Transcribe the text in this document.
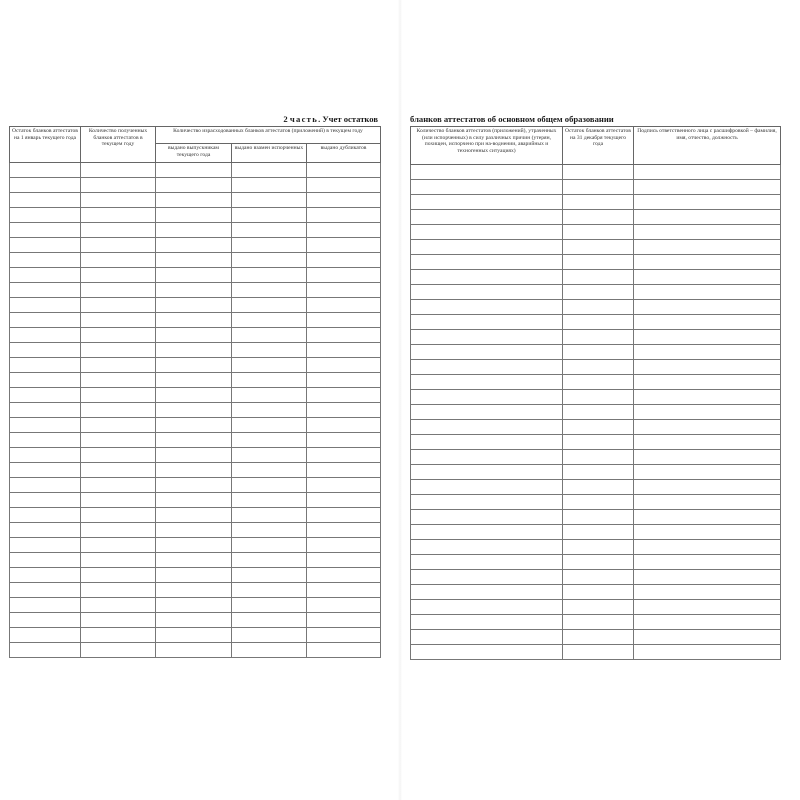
2 часть. Учет остатков
Остаток бланков аттестатов на 1 январь текущего года	Количество полученных бланков аттестатов в текущем году	Количество израсходованных бланков аттестатов (приложений) в текущем году		
		выдано выпускникам текущего года	выдано взамен испорченных	выдано дубликатов

бланков аттестатов об основном общем образовании
Количество бланков аттестатов (приложений), утраченных (или испорченных) в силу различных причин (утерян, похищен, испорчено при на-воднении, аварийных и техногенных ситуациях)	Остаток бланков аттестатов на 31 декабря текущего года	Подпись ответственного лица с расшифровкой – фамилия, имя, отчество, должность
